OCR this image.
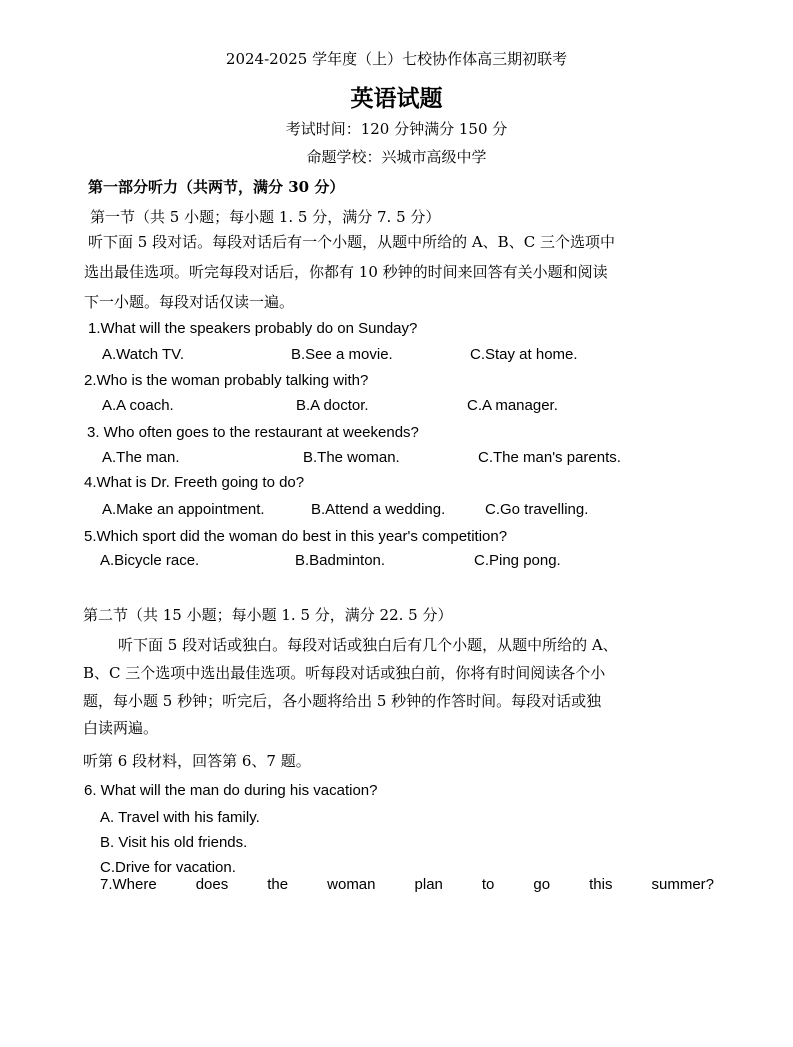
2024-2025 学年度（上）七校协作体高三期初联考
英语试题
考试时间：120 分钟满分 150 分
命题学校：兴城市高级中学
第一部分听力（共两节，满分 30 分）
第一节（共 5 小题；每小题 1. 5 分，满分 7. 5 分）
听下面 5 段对话。每段对话后有一个小题，从题中所给的 A、B、C 三个选项中
选出最佳选项。听完每段对话后，你都有 10 秒钟的时间来回答有关小题和阅读
下一小题。每段对话仅读一遍。
1.What will the speakers probably do on Sunday?
A.Watch TV.	B.See a movie.	C.Stay at home.
2.Who is the woman probably talking with?
A.A coach.	B.A doctor.	C.A manager.
3. Who often goes to the restaurant at weekends?
A.The man.	B.The woman.	C.The man's parents.
4.What is Dr. Freeth going to do?
A.Make an appointment.	B.Attend a wedding.	C.Go travelling.
5.Which sport did the woman do best in this year's competition?
A.Bicycle race.	B.Badminton.	C.Ping pong.
第二节（共 15 小题；每小题 1. 5 分，满分 22. 5 分）
听下面 5 段对话或独白。每段对话或独白后有几个小题，从题中所给的 A、
B、C 三个选项中选出最佳选项。听每段对话或独白前，你将有时间阅读各个小
题，每小题 5 秒钟；听完后，各小题将给出 5 秒钟的作答时间。每段对话或独
白读两遍。
听第 6 段材料，回答第 6、7 题。
6. What will the man do during his vacation?
A. Travel with his family.
B. Visit his old friends.
C.Drive for vacation.
7.Where	does	the	woman	plan	to	go	this	summer?
